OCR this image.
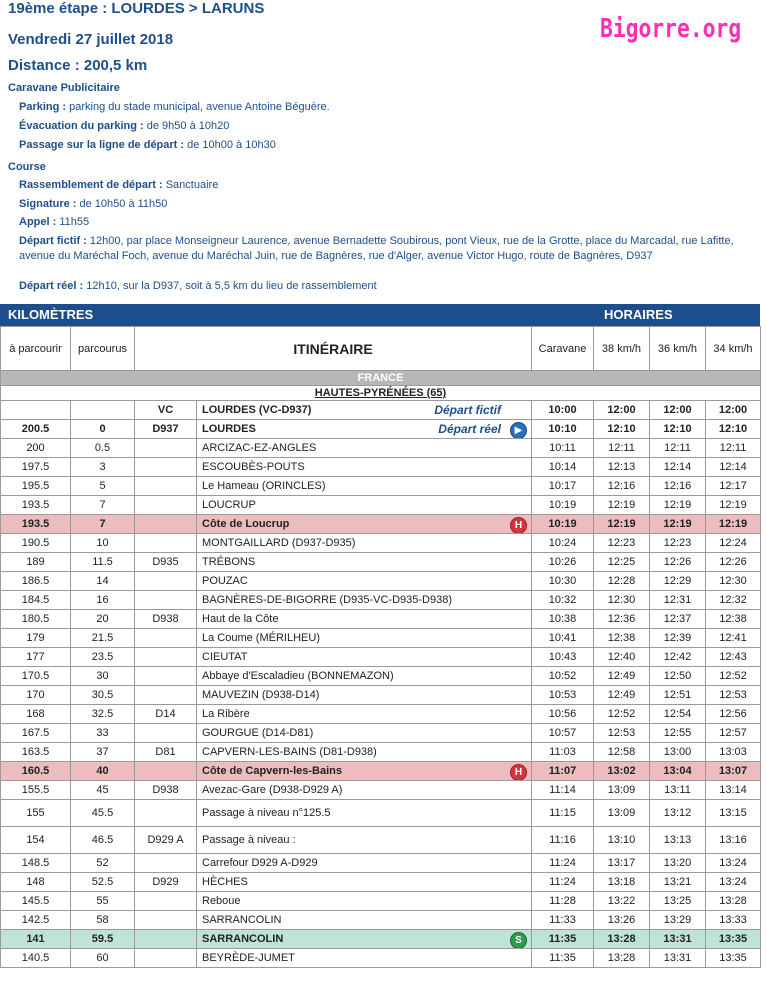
19ème étape : LOURDES > LARUNS
Vendredi 27 juillet 2018
Distance : 200,5 km
Bigorre.org
Caravane Publicitaire
Parking : parking du stade municipal, avenue Antoine Béguère.
Évacuation du parking : de 9h50 à 10h20
Passage sur la ligne de départ : de 10h00 à 10h30
Course
Rassemblement de départ : Sanctuaire
Signature : de 10h50 à 11h50
Appel : 11h55
Départ fictif : 12h00, par place Monseigneur Laurence, avenue Bernadette Soubirous, pont Vieux, rue de la Grotte, place du Marcadal, rue Lafitte, avenue du Maréchal Foch, avenue du Maréchal Juin, rue de Bagnères, rue d'Alger, avenue Victor Hugo, route de Bagnères, D937
Départ réel : 12h10, sur la D937, soit à 5,5 km du lieu de rassemblement
KILOMÈTRES	HORAIRES
à parcourir	parcourus	ITINÉRAIRE		Caravane	38 km/h	36 km/h	34 km/h
FRANCE							
HAUTES-PYRÉNÉES (65)							
		VC	LOURDES (VC-D937) Départ fictif	10:00	12:00	12:00	12:00
200.5	0	D937	LOURDES Départ réel ▶	10:10	12:10	12:10	12:10
200	0.5		ARCIZAC-EZ-ANGLES	10:11	12:11	12:11	12:11
197.5	3		ESCOUBÈS-POUTS	10:14	12:13	12:14	12:14
195.5	5		Le Hameau (ORINCLES)	10:17	12:16	12:16	12:17
193.5	7		LOUCRUP	10:19	12:19	12:19	12:19
193.5	7		Côte de Loucrup H	10:19	12:19	12:19	12:19
190.5	10		MONTGAILLARD (D937-D935)	10:24	12:23	12:23	12:24
189	11.5	D935	TRÉBONS	10:26	12:25	12:26	12:26
186.5	14		POUZAC	10:30	12:28	12:29	12:30
184.5	16		BAGNÈRES-DE-BIGORRE (D935-VC-D935-D938)	10:32	12:30	12:31	12:32
180.5	20	D938	Haut de la Côte	10:38	12:36	12:37	12:38
179	21.5		La Coume (MÉRILHEU)	10:41	12:38	12:39	12:41
177	23.5		CIEUTAT	10:43	12:40	12:42	12:43
170.5	30		Abbaye d'Escaladieu (BONNEMAZON)	10:52	12:49	12:50	12:52
170	30.5		MAUVEZIN (D938-D14)	10:53	12:49	12:51	12:53
168	32.5	D14	La Ribère	10:56	12:52	12:54	12:56
167.5	33		GOURGUE (D14-D81)	10:57	12:53	12:55	12:57
163.5	37	D81	CAPVERN-LES-BAINS (D81-D938)	11:03	12:58	13:00	13:03
160.5	40		Côte de Capvern-les-Bains H	11:07	13:02	13:04	13:07
155.5	45	D938	Avezac-Gare (D938-D929 A)	11:14	13:09	13:11	13:14
155	45.5		Passage à niveau n°125.5	11:15	13:09	13:12	13:15
154	46.5	D929 A	Passage à niveau :	11:16	13:10	13:13	13:16
148.5	52		Carrefour D929 A-D929	11:24	13:17	13:20	13:24
148	52.5	D929	HÈCHES	11:24	13:18	13:21	13:24
145.5	55		Reboue	11:28	13:22	13:25	13:28
142.5	58		SARRANCOLIN	11:33	13:26	13:29	13:33
141	59.5		SARRANCOLIN S	11:35	13:28	13:31	13:35
140.5	60		BEYRÈDE-JUMET	11:35	13:28	13:31	13:35
